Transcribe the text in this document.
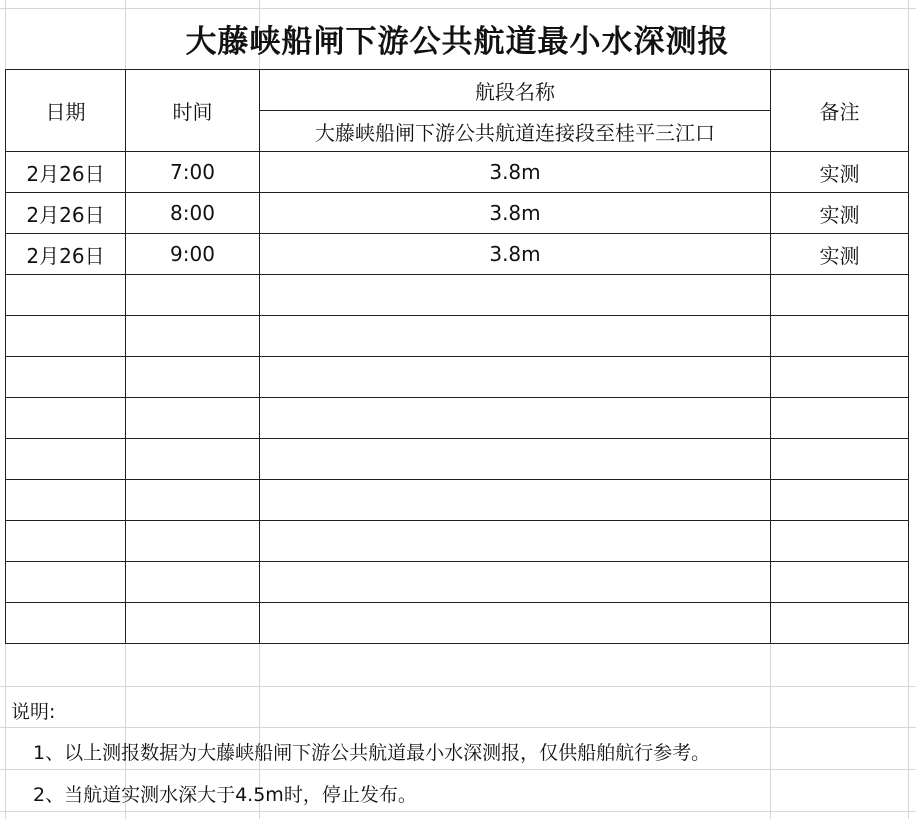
大藤峡船闸下游公共航道最小水深测报
日期	时间	航段名称	备注
		大藤峡船闸下游公共航道连接段至桂平三江口	
2月26日	7:00	3.8m	实测
2月26日	8:00	3.8m	实测
2月26日	9:00	3.8m	实测

说明:
1、以上测报数据为大藤峡船闸下游公共航道最小水深测报，仅供船舶航行参考。
2、当航道实测水深大于4.5m时，停止发布。
